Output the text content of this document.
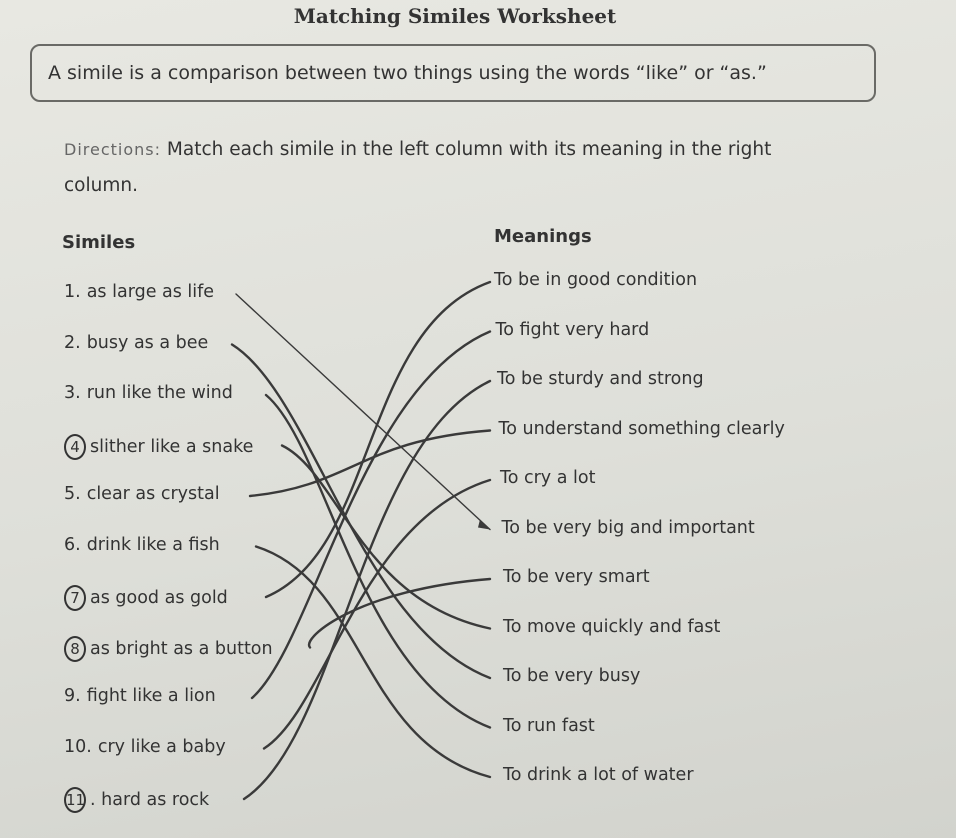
Matching Similes Worksheet
A simile is a comparison between two things using the words “like” or “as.”
Directions: Match each simile in the left column with its meaning in the right column.
Similes	Meanings
1. as large as life
2. busy as a bee
3. run like the wind
4 slither like a snake
5. clear as crystal
6. drink like a fish
7 as good as gold
8 as bright as a button
9. fight like a lion
10. cry like a baby
11 . hard as rock
To be in good condition
To fight very hard
To be sturdy and strong
To understand something clearly
To cry a lot
To be very big and important
To be very smart
To move quickly and fast
To be very busy
To run fast
To drink a lot of water
